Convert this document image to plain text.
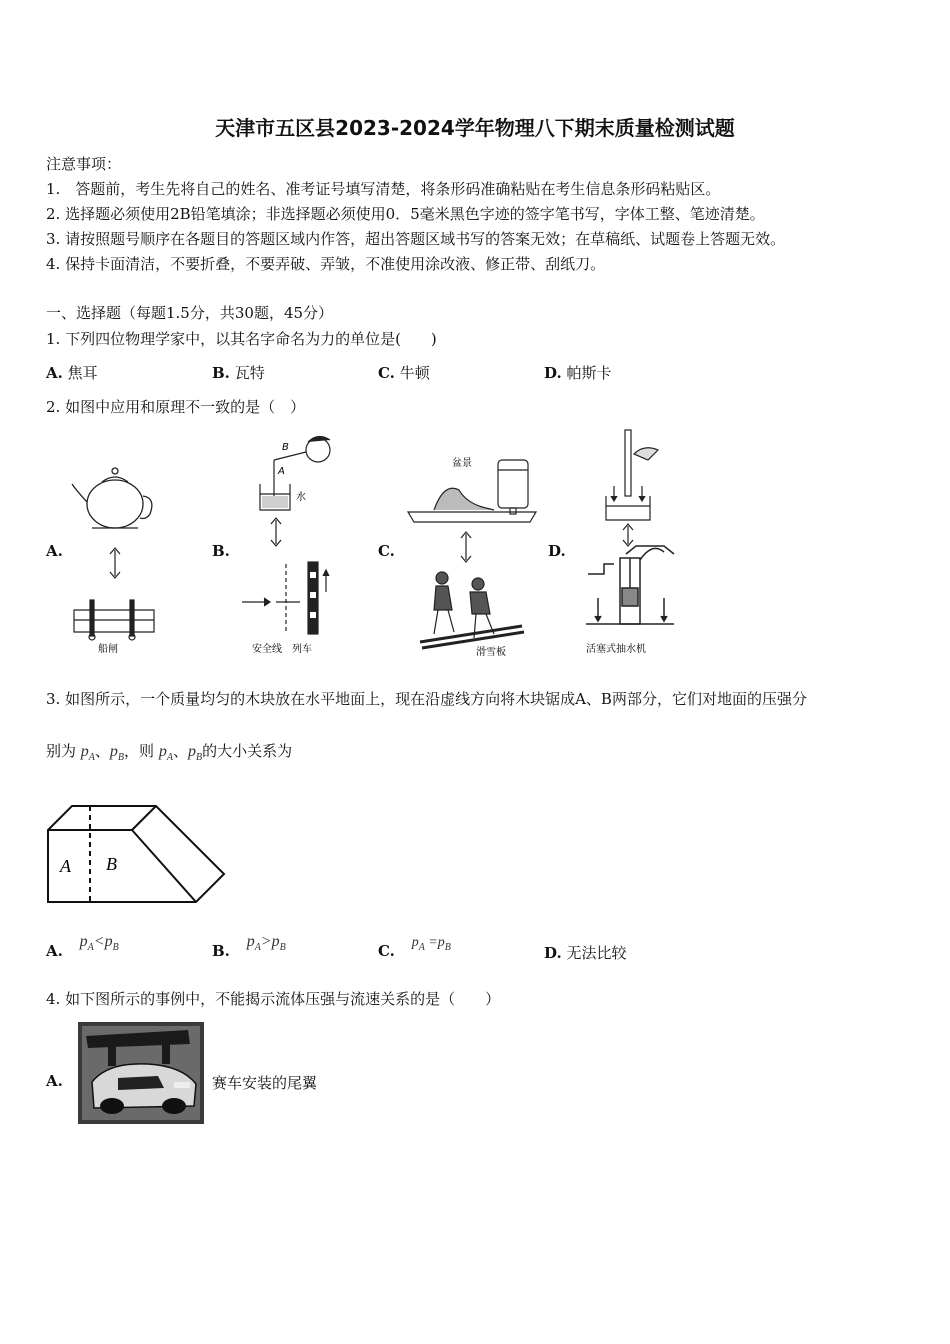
天津市五区县2023-2024学年物理八下期末质量检测试题
注意事项：
1.　答题前，考生先将自己的姓名、准考证号填写清楚，将条形码准确粘贴在考生信息条形码粘贴区。
2. 选择题必须使用2B铅笔填涂；非选择题必须使用0．5毫米黑色字迹的签字笔书写，字体工整、笔迹清楚。
3. 请按照题号顺序在各题目的答题区域内作答，超出答题区域书写的答案无效；在草稿纸、试题卷上答题无效。
4. 保持卡面清洁，不要折叠，不要弄破、弄皱，不准使用涂改液、修正带、刮纸刀。
一、选择题（每题1.5分，共30题，45分）
1. 下列四位物理学家中，以其名字命名为力的单位是(　　)
A. 焦耳	B. 瓦特	C. 牛顿	D. 帕斯卡
2. 如图中应用和原理不一致的是（　）
A.	B.	C.	D.
船闸
B
A
水
安全线　列车
盆景
滑雪板	活塞式抽水机
3. 如图所示，一个质量均匀的木块放在水平地面上，现在沿虚线方向将木块锯成A、B两部分，它们对地面的压强分
别为 $p_A$、$p_B$，则 $p_A$、$p_B$的大小关系为
A B
A. $p_A<p_B$	B. $p_A>p_B$	C. $p_A =p_B$	D. 无法比较
4. 如下图所示的事例中，不能揭示流体压强与流速关系的是（　　）
A.	赛车安装的尾翼
